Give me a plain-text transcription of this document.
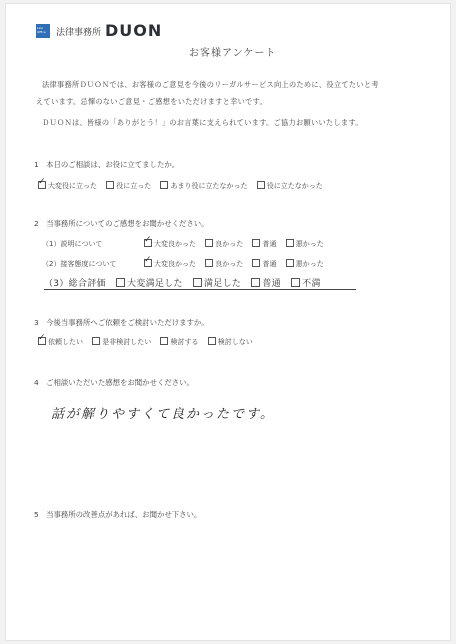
Law Office	法律事務所 DUON
お客様アンケート
法律事務所ＤＵＯＮでは、お客様のご意見を今後のリーガルサービス向上のために、役立てたいと考
えています。忌憚のないご意見・ご感想をいただけますと幸いです。
ＤＵＯＮは、皆様の「ありがとう！」のお言葉に支えられています。ご協力お願いいたします。
1　本日のご相談は、お役に立てましたか。
✓大変役に立った	役に立った	あまり役に立たなかった	役に立たなかった
2　当事務所についてのご感想をお聞かせください。
（1）説明について ✓	大変良かった	良かった	普通	悪かった
（2）接客態度について ✓	大変良かった	良かった	普通	悪かった
（3）総合評価 大変満足した 満足した 普通 不満
3　今後当事務所へご依頼をご検討いただけますか。
✓依頼したい	是非検討したい	検討する	検討しない
4　ご相談いただいた感想をお聞かせください。
話が解りやすくて良かったです。
5　当事務所の改善点があれば、お聞かせ下さい。
